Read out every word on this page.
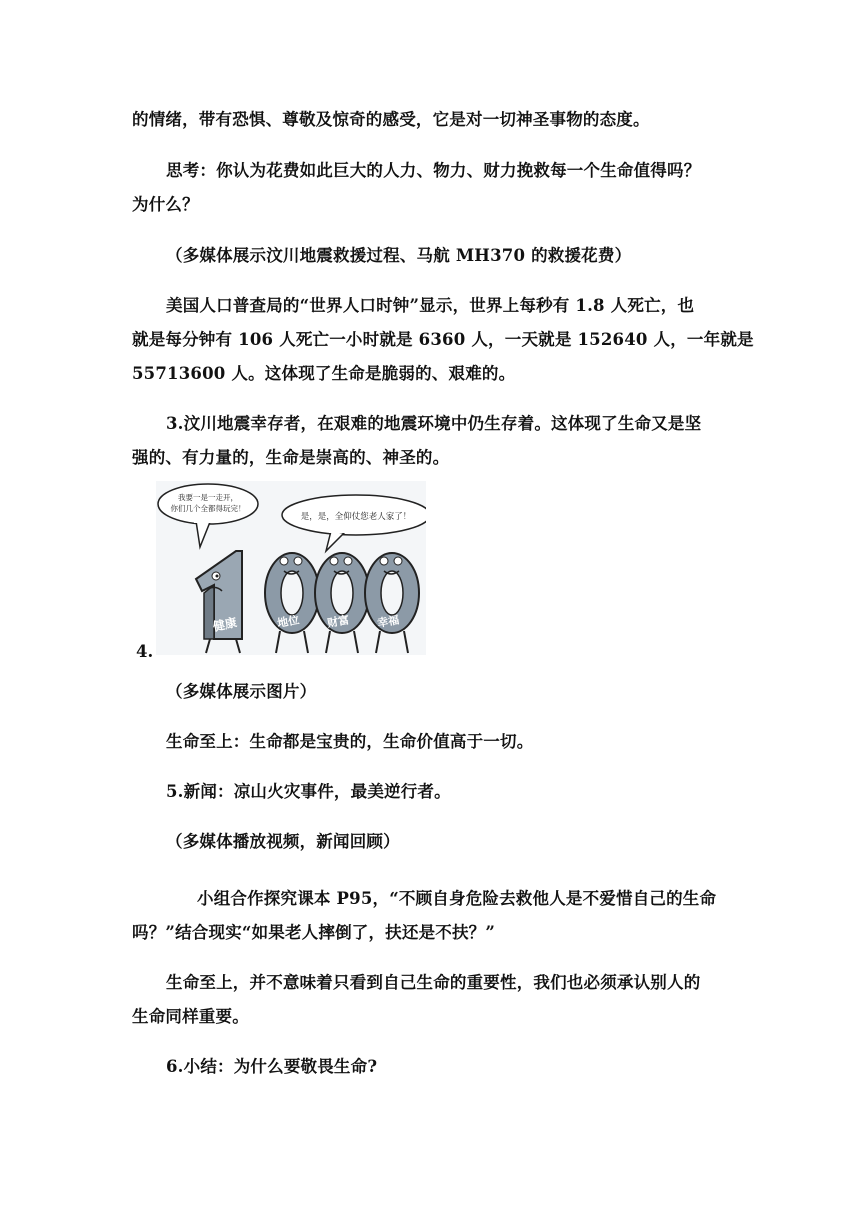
的情绪，带有恐惧、尊敬及惊奇的感受，它是对一切神圣事物的态度。
思考：你认为花费如此巨大的人力、物力、财力挽救每一个生命值得吗？
为什么？
（多媒体展示汶川地震救援过程、马航 MH370 的救援花费）
美国人口普查局的“世界人口时钟”显示，世界上每秒有 1.8 人死亡，也
就是每分钟有 106 人死亡一小时就是 6360 人，一天就是 152640 人，一年就是
55713600 人。这体现了生命是脆弱的、艰难的。
3.汶川地震幸存者，在艰难的地震环境中仍生存着。这体现了生命又是坚
强的、有力量的，生命是崇高的、神圣的。
我要一是一走开，
你们几个全都得玩完！
是，是，全仰仗您老人家了！
健康	地位 财富 幸福
4.
（多媒体展示图片）
生命至上：生命都是宝贵的，生命价值高于一切。
5.新闻：凉山火灾事件，最美逆行者。
（多媒体播放视频，新闻回顾）
小组合作探究课本 P95，“不顾自身危险去救他人是不爱惜自己的生命
吗？”结合现实“如果老人摔倒了，扶还是不扶？”
生命至上，并不意味着只看到自己生命的重要性，我们也必须承认别人的
生命同样重要。
6.小结：为什么要敬畏生命?
